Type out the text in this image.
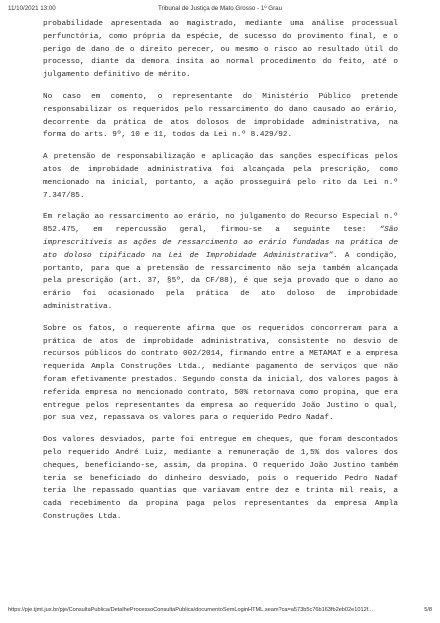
11/10/2021 13:00	Tribunal de Justiça de Mato Grosso - 1º Grau

probabilidade apresentada ao magistrado, mediante uma análise processual perfunctória, como própria da espécie, de sucesso do provimento final, e o perigo de dano de o direito perecer, ou mesmo o risco ao resultado útil do processo, diante da demora ínsita ao normal procedimento do feito, até o julgamento definitivo de mérito.

No caso em comento, o representante do Ministério Público pretende responsabilizar os requeridos pelo ressarcimento do dano causado ao erário, decorrente da prática de atos dolosos de improbidade administrativa, na forma do arts. 9º, 10 e 11, todos da Lei n.º 8.429/92.

A pretensão de responsabilização e aplicação das sanções específicas pelos atos de improbidade administrativa foi alcançada pela prescrição, como mencionado na inicial, portanto, a ação prosseguirá pelo rito da Lei n.º 7.347/85.

Em relação ao ressarcimento ao erário, no julgamento do Recurso Especial n.º 852.475, em repercussão geral, firmou-se a seguinte tese: “São imprescritíveis as ações de ressarcimento ao erário fundadas na prática de ato doloso tipificado na Lei de Improbidade Administrativa”. A condição, portanto, para que a pretensão de ressarcimento não seja também alcançada pela prescrição (art. 37, §5º, da CF/88), é que seja provado que o dano ao erário foi ocasionado pela prática de ato doloso de improbidade administrativa.

Sobre os fatos, o requerente afirma que os requeridos concorreram para a prática de atos de improbidade administrativa, consistente no desvio de recursos públicos do contrato 002/2014, firmando entre a METAMAT e a empresa requerida Ampla Construções Ltda., mediante pagamento de serviços que não foram efetivamente prestados. Segundo consta da inicial, dos valores pagos à referida empresa no mencionado contrato, 50% retornava como propina, que era entregue pelos representantes da empresa ao requerido João Justino o qual, por sua vez, repassava os valores para o requerido Pedro Nadaf.

Dos valores desviados, parte foi entregue em cheques, que foram descontados pelo requerido André Luiz, mediante a remuneração de 1,5% dos valores dos cheques, beneficiando-se, assim, da propina. O requerido João Justino também teria se beneficiado do dinheiro desviado, pois o requerido Pedro Nadaf teria lhe repassado quantias que variavam entre dez e trinta mil reais, a cada recebimento da propina paga pelos representantes da empresa Ampla Construções Ltda.

https://pje.tjmt.jus.br/pje/ConsultaPublica/DetalheProcessoConsultaPublica/documentoSemLoginHTML.seam?ca=a573b5c76b163fb2eb02e1012f...	5/8
